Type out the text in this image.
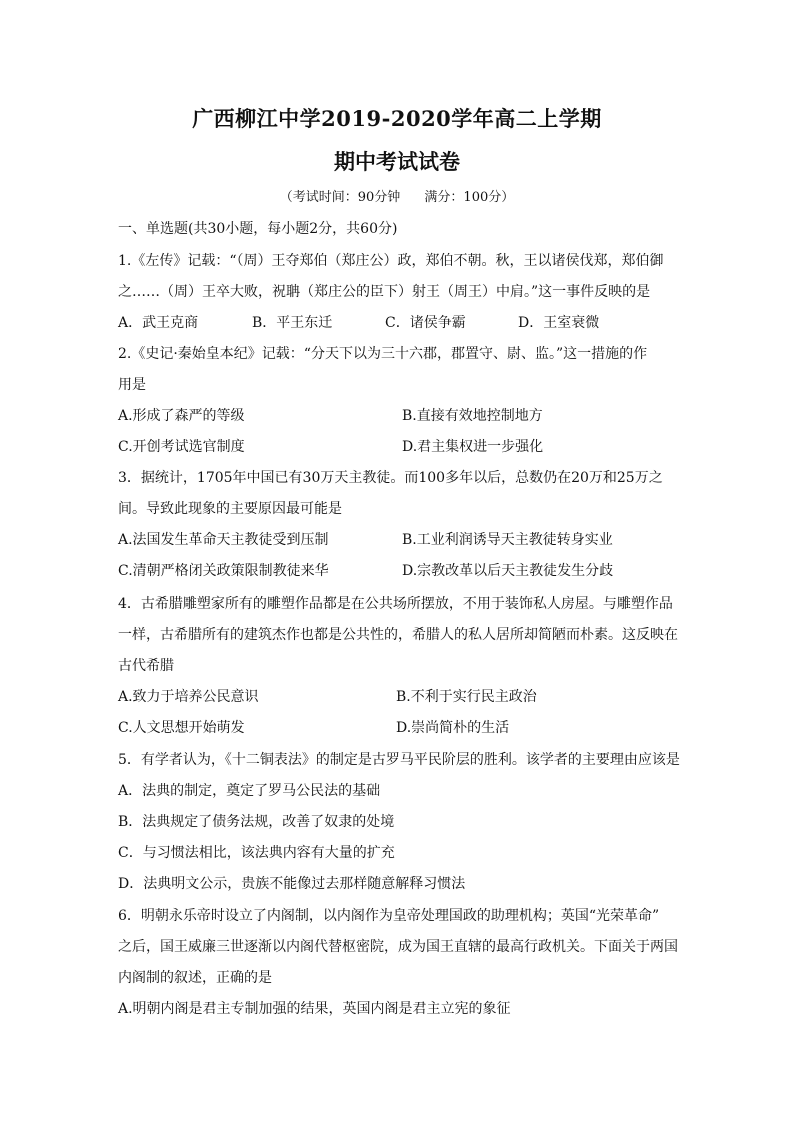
广西柳江中学2019-2020学年高二上学期
期中考试试卷
（考试时间：90分钟 满分：100分）
一、单选题(共30小题，每小题2分，共60分)
1.《左传》记载：“（周）王夺郑伯（郑庄公）政，郑伯不朝。秋，王以诸侯伐郑，郑伯御
之……（周）王卒大败，祝聃（郑庄公的臣下）射王（周王）中肩。”这一事件反映的是
A．武王克商	B．平王东迁	C．诸侯争霸	D．王室衰微
2.《史记·秦始皇本纪》记载：“分天下以为三十六郡，郡置守、尉、监。”这一措施的作
用是
A.形成了森严的等级	B.直接有效地控制地方
C.开创考试选官制度	D.君主集权进一步强化
3．据统计，1705年中国已有30万天主教徒。而100多年以后，总数仍在20万和25万之
间。导致此现象的主要原因最可能是
A.法国发生革命天主教徒受到压制	B.工业利润诱导天主教徒转身实业
C.清朝严格闭关政策限制教徒来华	D.宗教改革以后天主教徒发生分歧
4．古希腊雕塑家所有的雕塑作品都是在公共场所摆放，不用于装饰私人房屋。与雕塑作品
一样，古希腊所有的建筑杰作也都是公共性的，希腊人的私人居所却简陋而朴素。这反映在
古代希腊
A.致力于培养公民意识	B.不利于实行民主政治
C.人文思想开始萌发	D.崇尚简朴的生活
5．有学者认为，《十二铜表法》的制定是古罗马平民阶层的胜利。该学者的主要理由应该是
A．法典的制定，奠定了罗马公民法的基础
B．法典规定了债务法规，改善了奴隶的处境
C．与习惯法相比，该法典内容有大量的扩充
D．法典明文公示，贵族不能像过去那样随意解释习惯法
6．明朝永乐帝时设立了内阁制，以内阁作为皇帝处理国政的助理机构；英国“光荣革命”
之后，国王威廉三世逐渐以内阁代替枢密院，成为国王直辖的最高行政机关。下面关于两国
内阁制的叙述，正确的是
A.明朝内阁是君主专制加强的结果，英国内阁是君主立宪的象征
